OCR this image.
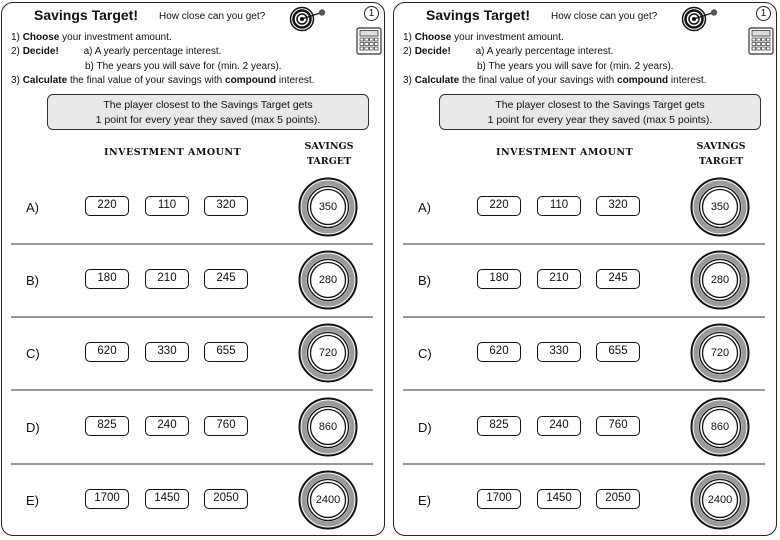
Savings Target! How close can you get?	1
1) Choose your investment amount.
2) Decide! a) A yearly percentage interest.
b) The years you will save for (min. 2 years).
3) Calculate the final value of your savings with compound interest.
The player closest to the Savings Target gets
1 point for every year they saved (max 5 points).
INVESTMENT AMOUNT
SAVINGS
TARGET
A)	220	110	320	350
B)	180	210	245	280
C)	620	330	655	720
D)	825	240	760	860
E)	1700	1450	2050	2400
Savings Target! How close can you get?	1
1) Choose your investment amount.
2) Decide! a) A yearly percentage interest.
b) The years you will save for (min. 2 years).
3) Calculate the final value of your savings with compound interest.
The player closest to the Savings Target gets
1 point for every year they saved (max 5 points).
INVESTMENT AMOUNT
SAVINGS
TARGET
A)	220	110	320	350
B)	180	210	245	280
C)	620	330	655	720
D)	825	240	760	860
E)	1700	1450	2050	2400
